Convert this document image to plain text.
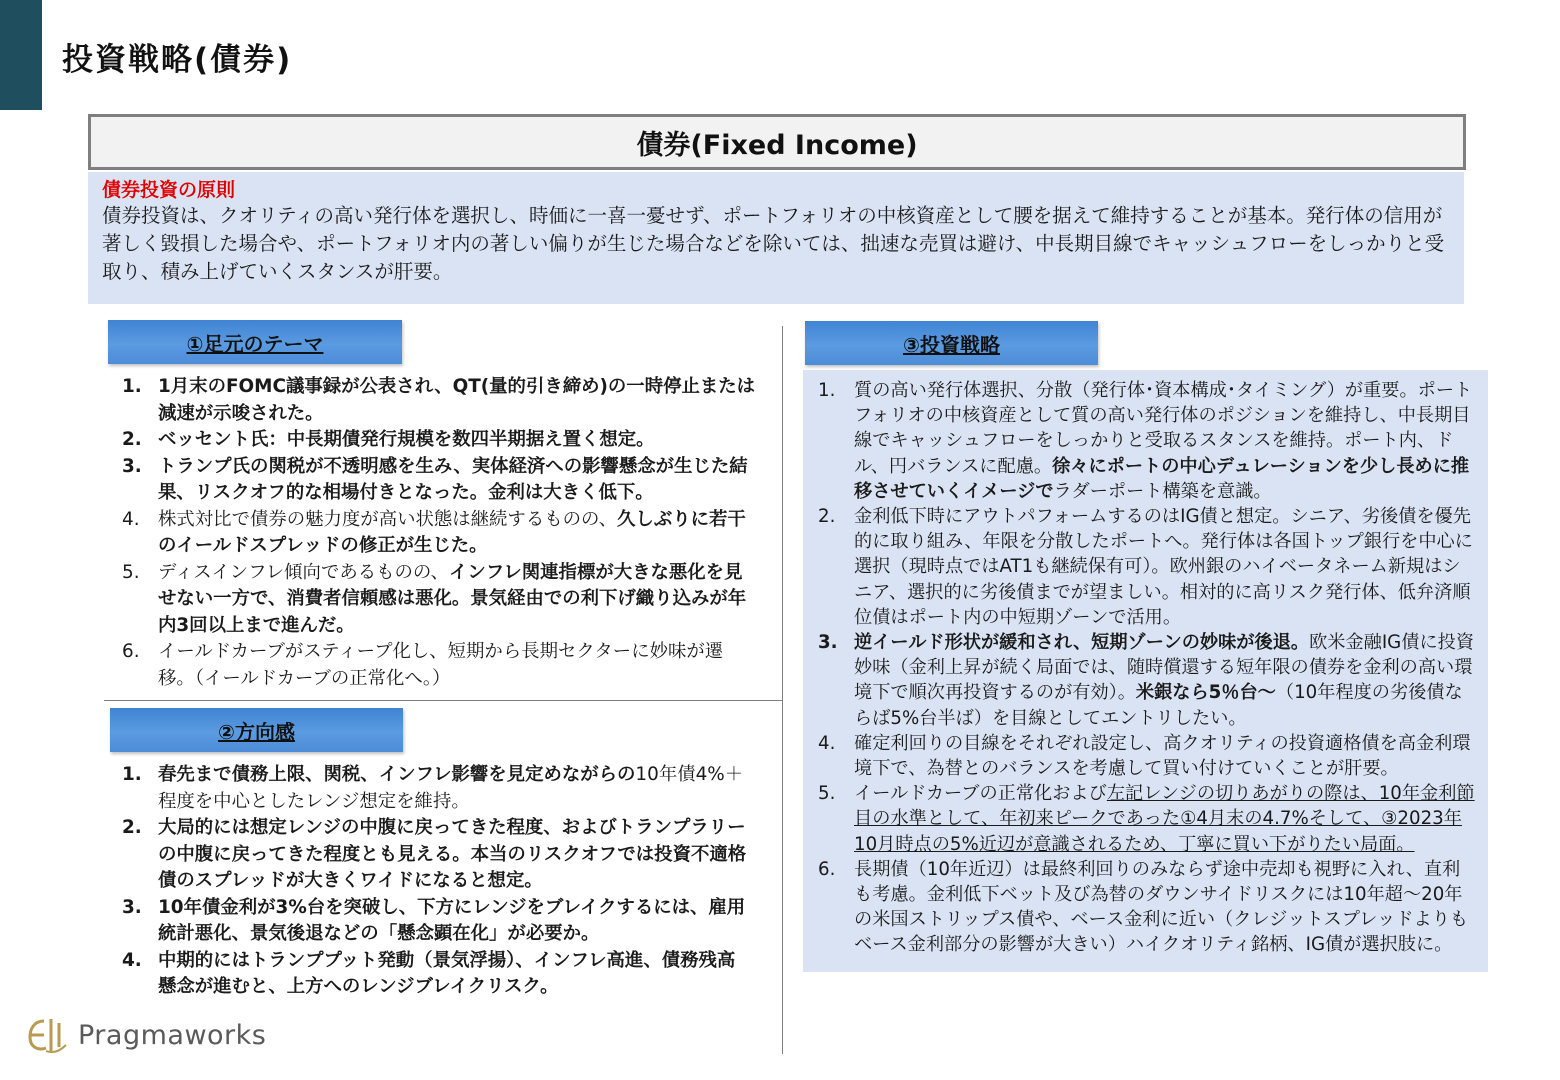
投資戦略(債券)
債券(Fixed Income)
債券投資の原則
債券投資は、クオリティの高い発行体を選択し、時価に一喜一憂せず、ポートフォリオの中核資産として腰を据えて維持することが基本。発行体の信用が著しく毀損した場合や、ポートフォリオ内の著しい偏りが生じた場合などを除いては、拙速な売買は避け、中長期目線でキャッシュフローをしっかりと受取り、積み上げていくスタンスが肝要。
①足元のテーマ
1. 1月末のFOMC議事録が公表され、QT(量的引き締め)の一時停止または減速が示唆された。
2. ベッセント氏：中長期債発行規模を数四半期据え置く想定。
3. トランプ氏の関税が不透明感を生み、実体経済への影響懸念が生じた結果、リスクオフ的な相場付きとなった。金利は大きく低下。
4. 株式対比で債券の魅力度が高い状態は継続するものの、久しぶりに若干のイールドスプレッドの修正が生じた。
5. ディスインフレ傾向であるものの、インフレ関連指標が大きな悪化を見せない一方で、消費者信頼感は悪化。景気経由での利下げ織り込みが年内3回以上まで進んだ。
6. イールドカーブがスティープ化し、短期から長期セクターに妙味が遷移。（イールドカーブの正常化へ。）
②方向感
1. 春先まで債務上限、関税、インフレ影響を見定めながらの10年債4%＋程度を中心としたレンジ想定を維持。
2. 大局的には想定レンジの中腹に戻ってきた程度、およびトランプラリーの中腹に戻ってきた程度とも見える。本当のリスクオフでは投資不適格債のスプレッドが大きくワイドになると想定。
3. 10年債金利が3%台を突破し、下方にレンジをブレイクするには、雇用統計悪化、景気後退などの「懸念顕在化」が必要か。
4. 中期的にはトランププット発動（景気浮揚）、インフレ高進、債務残高懸念が進むと、上方へのレンジブレイクリスク。
③投資戦略
1. 質の高い発行体選択、分散（発行体･資本構成･タイミング）が重要。ポートフォリオの中核資産として質の高い発行体のポジションを維持し、中長期目線でキャッシュフローをしっかりと受取るスタンスを維持。ポート内、ドル、円バランスに配慮。徐々にポートの中心デュレーションを少し長めに推移させていくイメージでラダーポート構築を意識。
2. 金利低下時にアウトパフォームするのはIG債と想定。シニア、劣後債を優先的に取り組み、年限を分散したポートへ。発行体は各国トップ銀行を中心に選択（現時点ではAT1も継続保有可）。欧州銀のハイベータネーム新規はシニア、選択的に劣後債までが望ましい。相対的に高リスク発行体、低弁済順位債はポート内の中短期ゾーンで活用。
3. 逆イールド形状が緩和され、短期ゾーンの妙味が後退。欧米金融IG債に投資妙味（金利上昇が続く局面では、随時償還する短年限の債券を金利の高い環境下で順次再投資するのが有効）。米銀なら5％台～（10年程度の劣後債ならば5%台半ば）を目線としてエントリしたい。
4. 確定利回りの目線をそれぞれ設定し、高クオリティの投資適格債を高金利環境下で、為替とのバランスを考慮して買い付けていくことが肝要。
5. イールドカーブの正常化および左記レンジの切りあがりの際は、10年金利節目の水準として、年初来ピークであった①4月末の4.7%そして、③2023年10月時点の5%近辺が意識されるため、丁寧に買い下がりたい局面。
6. 長期債（10年近辺）は最終利回りのみならず途中売却も視野に入れ、直利も考慮。金利低下ベット及び為替のダウンサイドリスクには10年超～20年の米国ストリップス債や、ベース金利に近い（クレジットスプレッドよりもベース金利部分の影響が大きい）ハイクオリティ銘柄、IG債が選択肢に。
Pragmaworks
